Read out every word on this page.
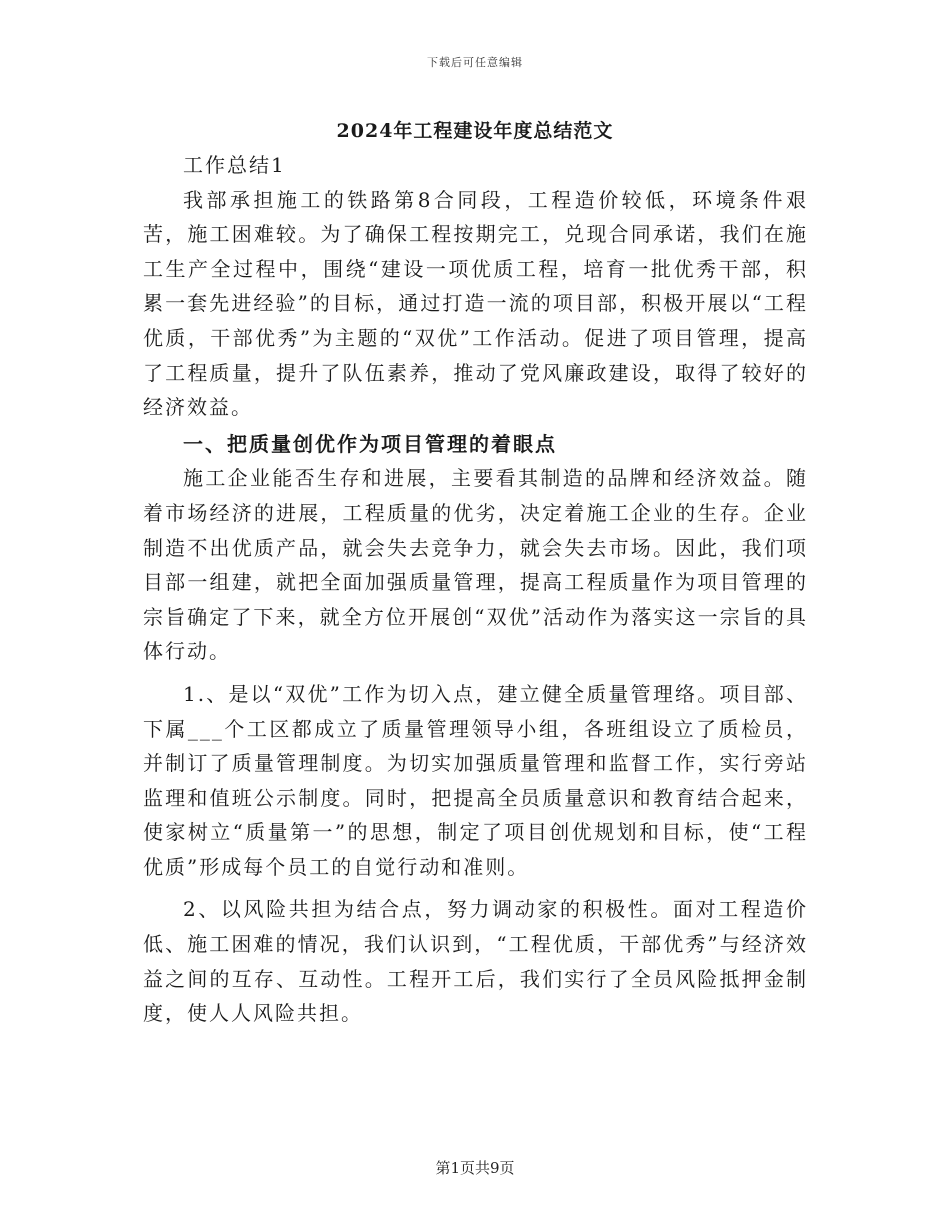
下载后可任意编辑
2024年工程建设年度总结范文

工作总结1

我部承担施工的铁路第8合同段，工程造价较低，环境条件艰苦，施工困难较。为了确保工程按期完工，兑现合同承诺，我们在施工生产全过程中，围绕“建设一项优质工程，培育一批优秀干部，积累一套先进经验”的目标，通过打造一流的项目部，积极开展以“工程优质，干部优秀”为主题的“双优”工作活动。促进了项目管理，提高了工程质量，提升了队伍素养，推动了党风廉政建设，取得了较好的经济效益。

一、把质量创优作为项目管理的着眼点

施工企业能否生存和进展，主要看其制造的品牌和经济效益。随着市场经济的进展，工程质量的优劣，决定着施工企业的生存。企业制造不出优质产品，就会失去竞争力，就会失去市场。因此，我们项目部一组建，就把全面加强质量管理，提高工程质量作为项目管理的宗旨确定了下来，就全方位开展创“双优”活动作为落实这一宗旨的具体行动。

1.、是以“双优”工作为切入点，建立健全质量管理络。项目部、下属___个工区都成立了质量管理领导小组，各班组设立了质检员，并制订了质量管理制度。为切实加强质量管理和监督工作，实行旁站监理和值班公示制度。同时，把提高全员质量意识和教育结合起来，使家树立“质量第一”的思想，制定了项目创优规划和目标，使“工程优质”形成每个员工的自觉行动和准则。

2、以风险共担为结合点，努力调动家的积极性。面对工程造价低、施工困难的情况，我们认识到，“工程优质，干部优秀”与经济效益之间的互存、互动性。工程开工后，我们实行了全员风险抵押金制度，使人人风险共担。

第1页共9页
